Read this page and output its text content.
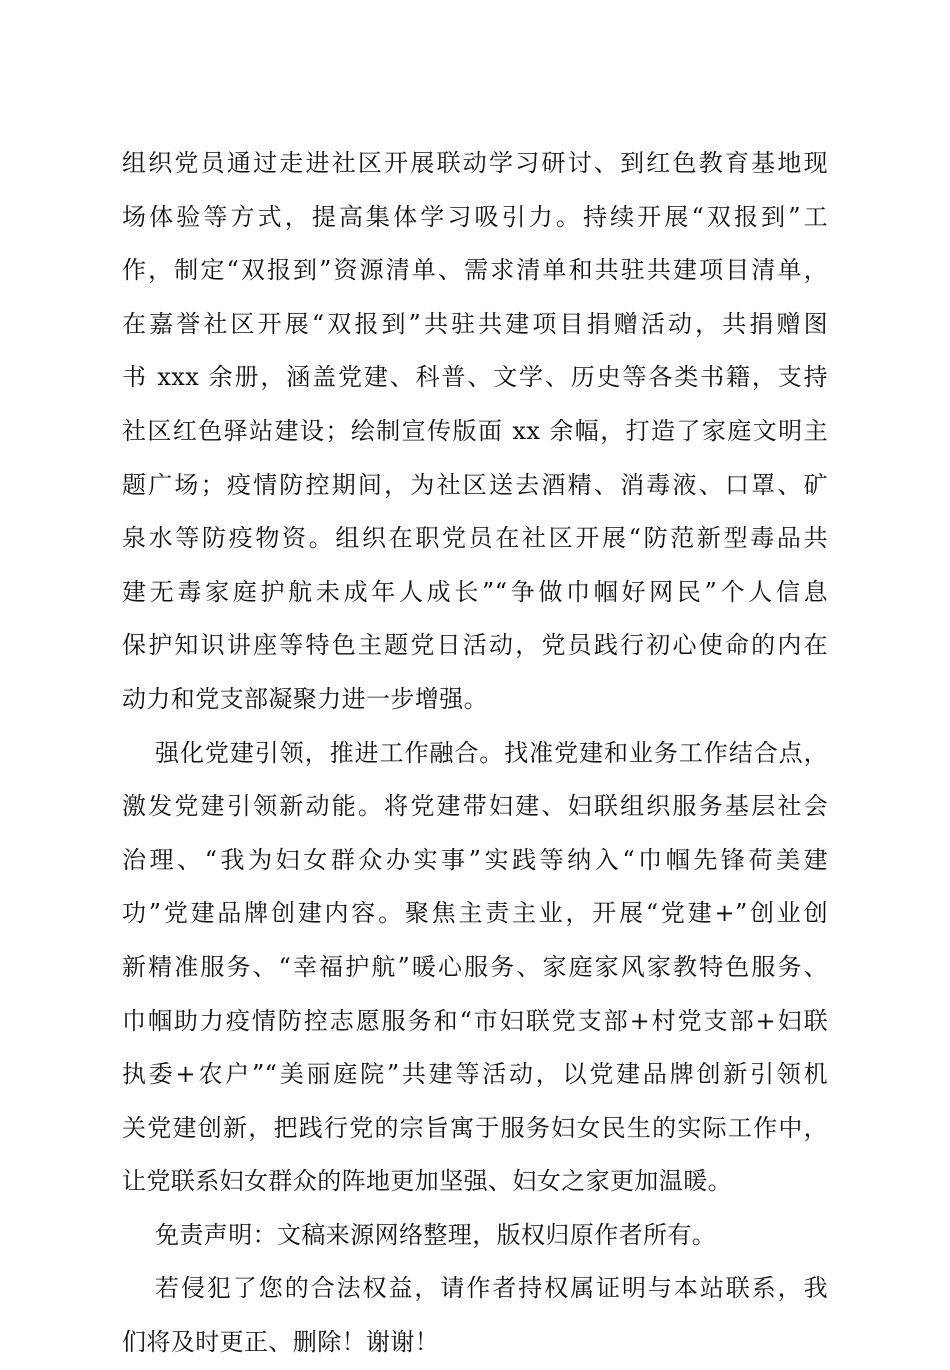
组织党员通过走进社区开展联动学习研讨、到红色教育基地现
场体验等方式，提高集体学习吸引力。持续开展“双报到”工
作，制定“双报到”资源清单、需求清单和共驻共建项目清单，
在嘉誉社区开展“双报到”共驻共建项目捐赠活动，共捐赠图
书 xxx 余册，涵盖党建、科普、文学、历史等各类书籍，支持
社区红色驿站建设；绘制宣传版面 xx 余幅，打造了家庭文明主
题广场；疫情防控期间，为社区送去酒精、消毒液、口罩、矿
泉水等防疫物资。组织在职党员在社区开展“防范新型毒品共
建无毒家庭护航未成年人成长”“争做巾帼好网民”个人信息
保护知识讲座等特色主题党日活动，党员践行初心使命的内在
动力和党支部凝聚力进一步增强。
强化党建引领，推进工作融合。找准党建和业务工作结合点，
激发党建引领新动能。将党建带妇建、妇联组织服务基层社会
治理、“我为妇女群众办实事”实践等纳入“巾帼先锋荷美建
功”党建品牌创建内容。聚焦主责主业，开展“党建+”创业创
新精准服务、“幸福护航”暖心服务、家庭家风家教特色服务、
巾帼助力疫情防控志愿服务和“市妇联党支部+村党支部+妇联
执委+农户”“美丽庭院”共建等活动，以党建品牌创新引领机
关党建创新，把践行党的宗旨寓于服务妇女民生的实际工作中，
让党联系妇女群众的阵地更加坚强、妇女之家更加温暖。
免责声明：文稿来源网络整理，版权归原作者所有。
若侵犯了您的合法权益，请作者持权属证明与本站联系，我
们将及时更正、删除！谢谢！
